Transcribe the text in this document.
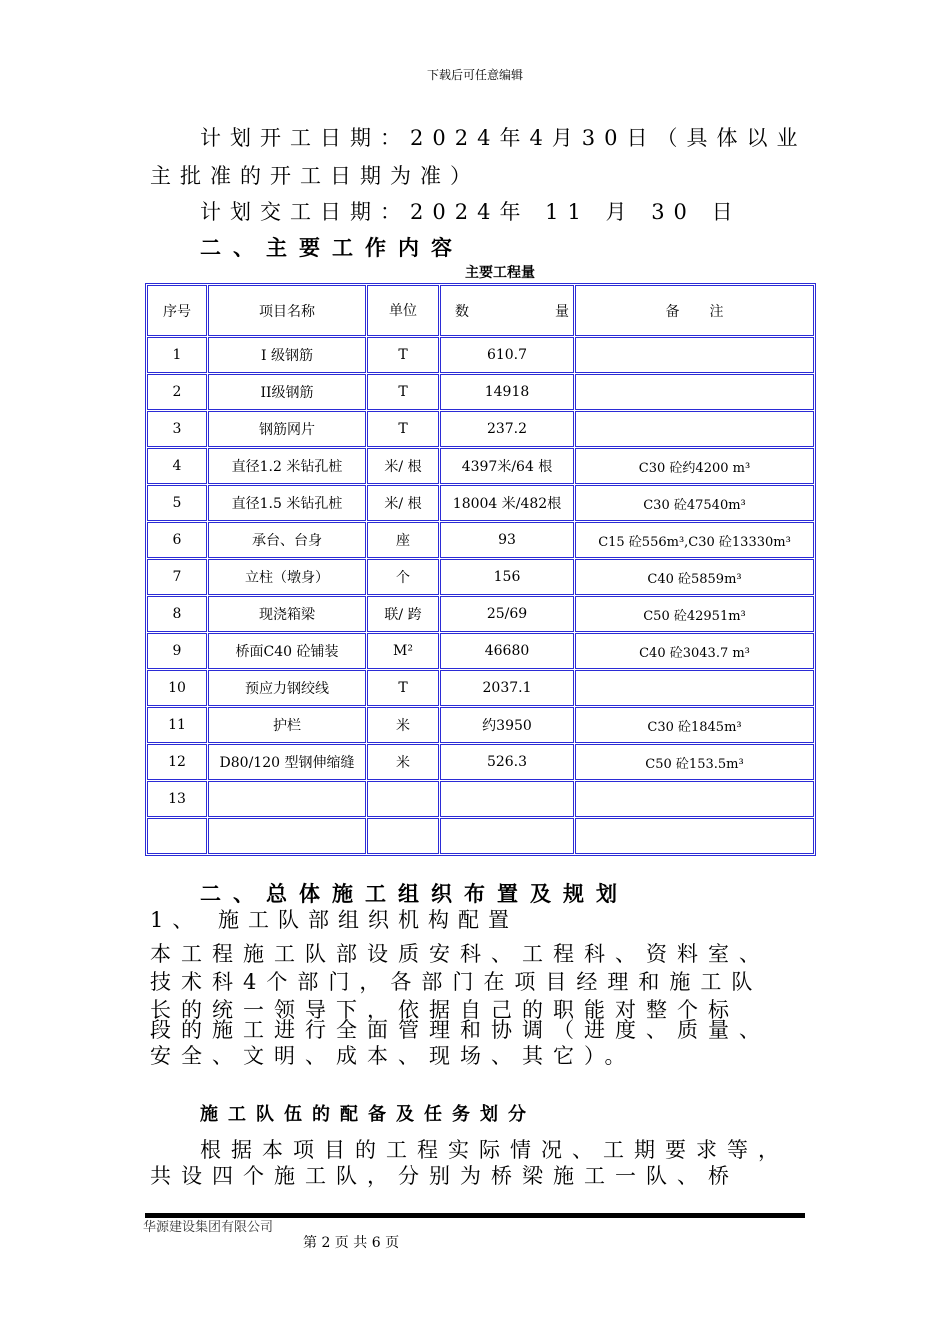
下载后可任意编辑
计划开工日期：2024年4月30日（具体以业
主批准的开工日期为准）
计划交工日期：2024年 11 月 30 日
二、主要工作内容
主要工程量
序号	项目名称	单位	数 量	备注
1	I 级钢筋	T	610.7	
2	II级钢筋	T	14918	
3	钢筋网片	T	237.2	
4	直径1.2 米钻孔桩	米/ 根	4397米/64 根	C30 砼约4200 m³
5	直径1.5 米钻孔桩	米/ 根	18004 米/482根	C30 砼47540m³
6	承台、台身	座	93	C15 砼556m³,C30 砼13330m³
7	立柱（墩身）	个	156	C40 砼5859m³
8	现浇箱梁	联/ 跨	25/69	C50 砼42951m³
9	桥面C40 砼铺装	M²	46680	C40 砼3043.7 m³
10	预应力钢绞线	T	2037.1	
11	护栏	米	约3950	C30 砼1845m³
12	D80/120 型钢伸缩缝	米	526.3	C50 砼153.5m³
13				

二、总体施工组织布置及规划
1、 施工队部组织机构配置
本工程施工队部设质安科、工程科、资料室、
技术科4个部门，各部门在项目经理和施工队
长的统一领导下，依据自己的职能对整个标
段的施工进行全面管理和协调（进度、质量、
安全、文明、成本、现场、其它）。
施工队伍的配备及任务划分
根据本项目的工程实际情况、工期要求等，
共设四个施工队，分别为桥梁施工一队、桥
华源建设集团有限公司
第 2 页 共 6 页
